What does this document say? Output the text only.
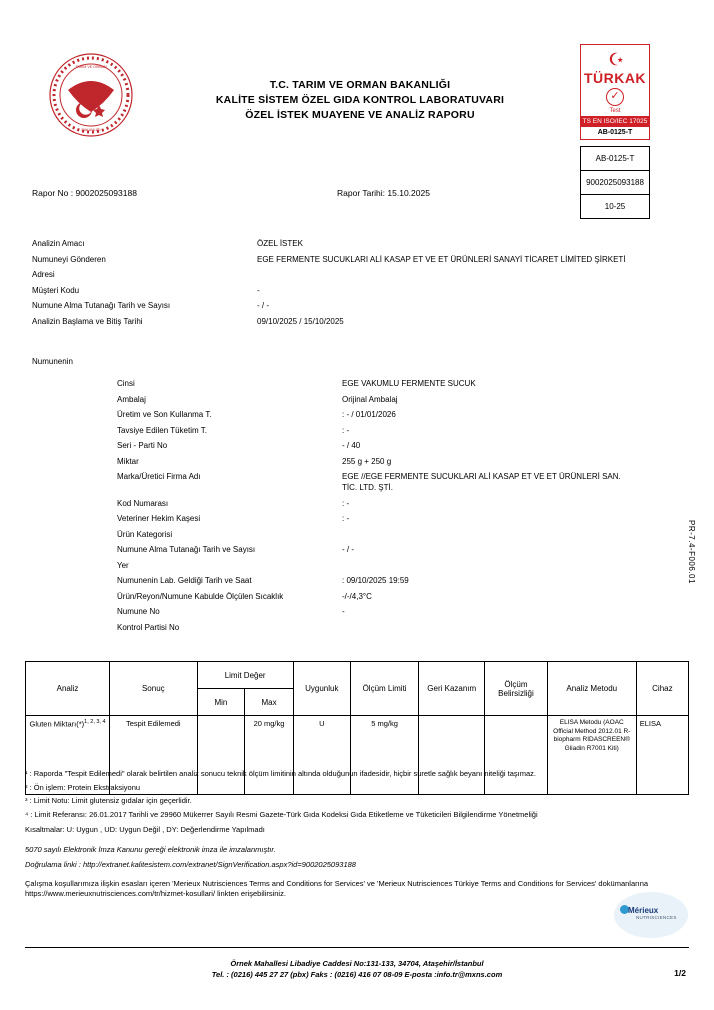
TARIM VE ORMAN
BAKANLIĞI
T.C. TARIM VE ORMAN BAKANLIĞI
KALİTE SİSTEM ÖZEL GIDA KONTROL LABORATUVARI
ÖZEL İSTEK MUAYENE VE ANALİZ RAPORU
TÜRKAK
✓
Test
TS EN ISO/IEC 17025
AB-0125-T
AB-0125-T
9002025093188
10-25
Rapor No : 9002025093188	Rapor Tarihi: 15.10.2025
Analizin Amacı	ÖZEL İSTEK
Numuneyi Gönderen	EGE FERMENTE SUCUKLARI ALİ KASAP ET VE ET ÜRÜNLERİ SANAYİ TİCARET LİMİTED ŞİRKETİ
Adresi
Müşteri Kodu	-
Numune Alma Tutanağı Tarih ve Sayısı	- / -
Analizin Başlama ve Bitiş Tarihi	09/10/2025 / 15/10/2025
Numunenin
Cinsi	EGE VAKUMLU FERMENTE SUCUK
Ambalaj	Orijinal Ambalaj
Üretim ve Son Kullanma T.	: - / 01/01/2026
Tavsiye Edilen Tüketim T.	: -
Seri - Parti No	- / 40
Miktar	255 g + 250 g
Marka/Üretici Firma Adı	EGE //EGE FERMENTE SUCUKLARI ALİ KASAP ET VE ET ÜRÜNLERİ SAN. TİC. LTD. ŞTİ.
Kod Numarası	: -
Veteriner Hekim Kaşesi	: -
Ürün Kategorisi
Numune Alma Tutanağı Tarih ve Sayısı	- / -
Yer
Numunenin Lab. Geldiği Tarih ve Saat	: 09/10/2025 19:59
Ürün/Reyon/Numune Kabulde Ölçülen Sıcaklık	-/-/4,3°C
Numune No	-
Kontrol Partisi No
PR-7.4-F006.01
Analiz	Sonuç	Limit Değer		Uygunluk	Ölçüm Limiti	Geri Kazanım	Ölçüm Belirsizliği	Analiz Metodu	Cihaz
		Min	Max						
Gluten $Miktarı(*)^{1, 2, 3, 4}$	Tespit Edilemedi		20 mg/kg	U	5 mg/kg			ELISA Metodu (AOAC Official Method 2012.01 R-biopharm RIDASCREEN® Gliadin R7001 Kiti)	ELISA

¹ : Raporda "Tespit Edilemedi" olarak belirtilen analiz sonucu teknik ölçüm limitinin altında olduğunun ifadesidir, hiçbir suretle sağlık beyanı niteliği taşımaz.

² : Ön işlem: Protein Ekstraksiyonu

³ : Limit Notu: Limit glutensiz gıdalar için geçerlidir.

⁴ : Limit Referansı: 26.01.2017 Tarihli ve 29960 Mükerrer Sayılı Resmi Gazete-Türk Gıda Kodeksi Gıda Etiketleme ve Tüketicileri Bilgilendirme Yönetmeliği

Kısaltmalar: U: Uygun , UD: Uygun Değil , DY: Değerlendirme Yapılmadı

5070 sayılı Elektronik İmza Kanunu gereği elektronik imza ile imzalanmıştır.

Doğrulama linki : http://extranet.kalitesistem.com/extranet/SignVerification.aspx?id=9002025093188

Çalışma koşullarımıza ilişkin esasları içeren 'Merieux Nutrisciences Terms and Conditions for Services' ve 'Merieux Nutrisciences Türkiye Terms and Conditions for Services' dokümanlarına https://www.merieuxnutrisciences.com/tr/hizmet-kosullari/ linkten erişebilirsiniz.

Mérieux
NUTRISCIENCES
Örnek Mahallesi Libadiye Caddesi No:131-133, 34704, Ataşehir/İstanbul
Tel. : (0216) 445 27 27 (pbx) Faks : (0216) 416 07 08-09 E-posta :info.tr@mxns.com	1/2
